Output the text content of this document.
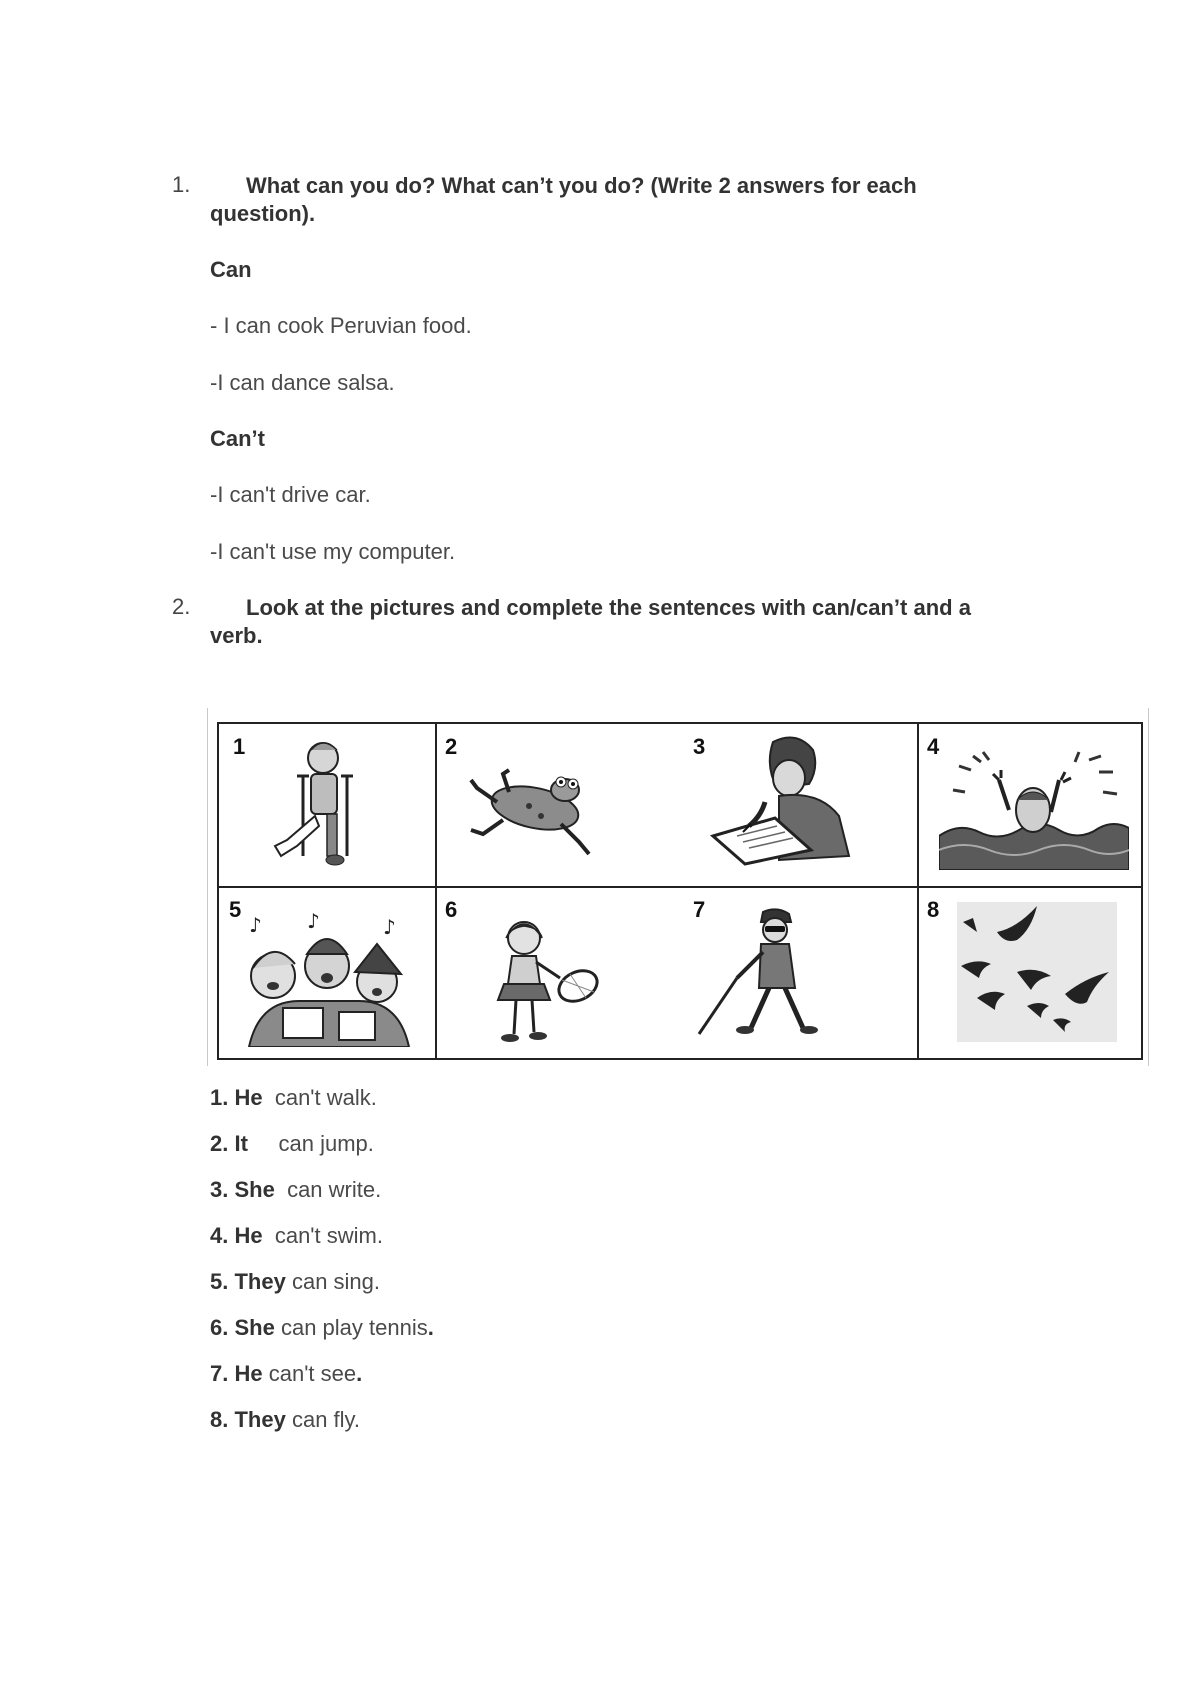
1.	What can you do? What can’t you do? (Write 2 answers for each question).
Can
- I can cook Peruvian food.
-I can dance salsa.
Can’t
-I can't drive car.
-I can't use my computer.
2.	Look at the pictures and complete the sentences with can/can’t and a verb.
1	2	3	4
5	6	7	8
♪ ♪	♪
1. He  can't walk.
2. It     can jump.
3. She  can write.
4. He  can't swim.
5. They can sing.
6. She can play tennis.
7. He can't see.
8. They can fly.
